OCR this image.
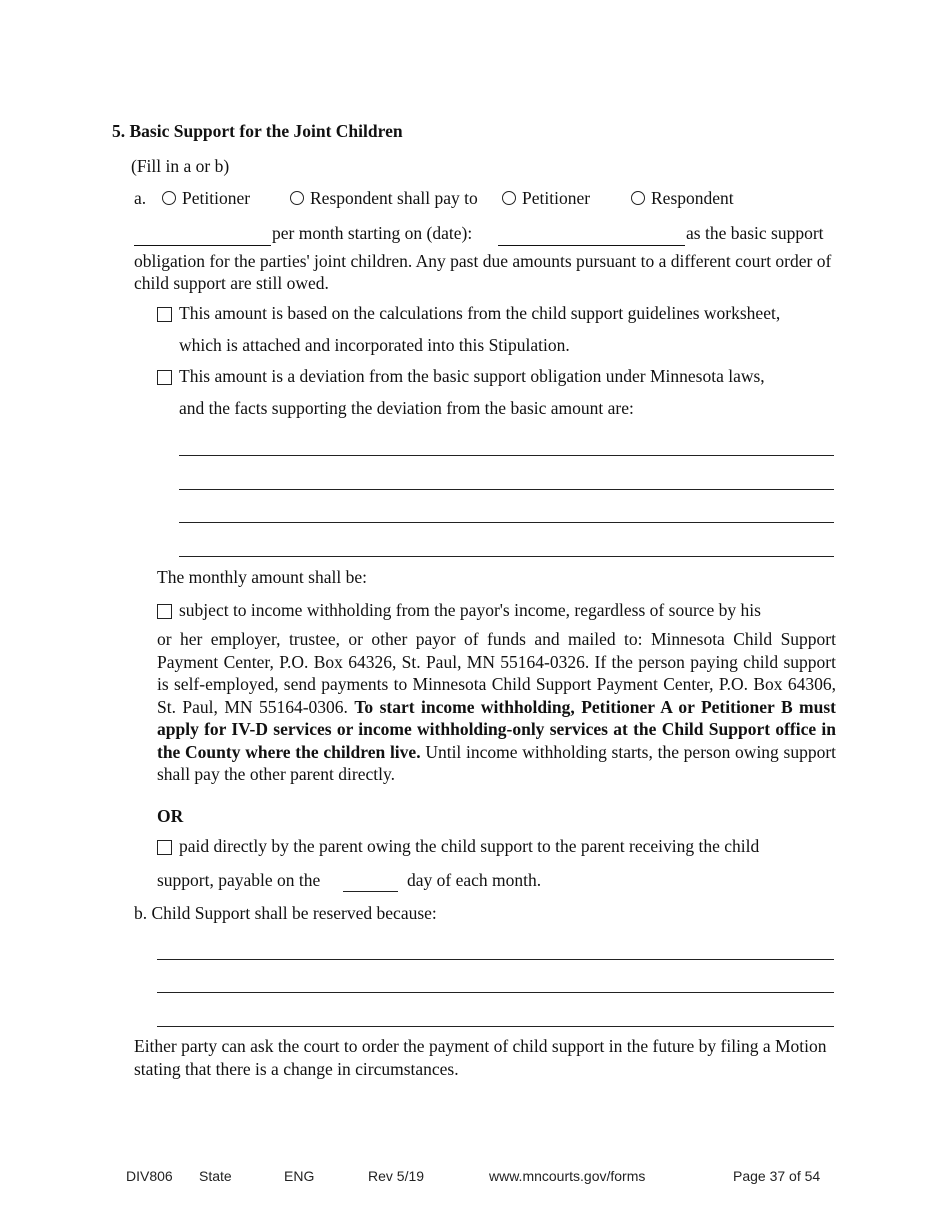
5. Basic Support for the Joint Children
(Fill in a or b)
a.	Petitioner	Respondent shall pay to	Petitioner	Respondent
per month starting on (date):	as the basic support
obligation for the parties' joint children. Any past due amounts pursuant to a different court order of child support are still owed.
This amount is based on the calculations from the child support guidelines worksheet,
which is attached and incorporated into this Stipulation.
This amount is a deviation from the basic support obligation under Minnesota laws,
and the facts supporting the deviation from the basic amount are:
The monthly amount shall be:
subject to income withholding from the payor's income, regardless of source by his
or her employer, trustee, or other payor of funds and mailed to: Minnesota Child Support Payment Center, P.O. Box 64326, St. Paul, MN 55164-0326. If the person paying child support is self-employed, send payments to Minnesota Child Support Payment Center, P.O. Box 64306, St. Paul, MN 55164-0306. To start income withholding, Petitioner A or Petitioner B must apply for IV-D services or income withholding-only services at the Child Support office in the County where the children live. Until income withholding starts, the person owing support shall pay the other parent directly.
OR
paid directly by the parent owing the child support to the parent receiving the child
support, payable on the	day of each month.
b. Child Support shall be reserved because:
Either party can ask the court to order the payment of child support in the future by filing a Motion stating that there is a change in circumstances.
DIV806 State	ENG	Rev 5/19	www.mncourts.gov/forms	Page 37 of 54
